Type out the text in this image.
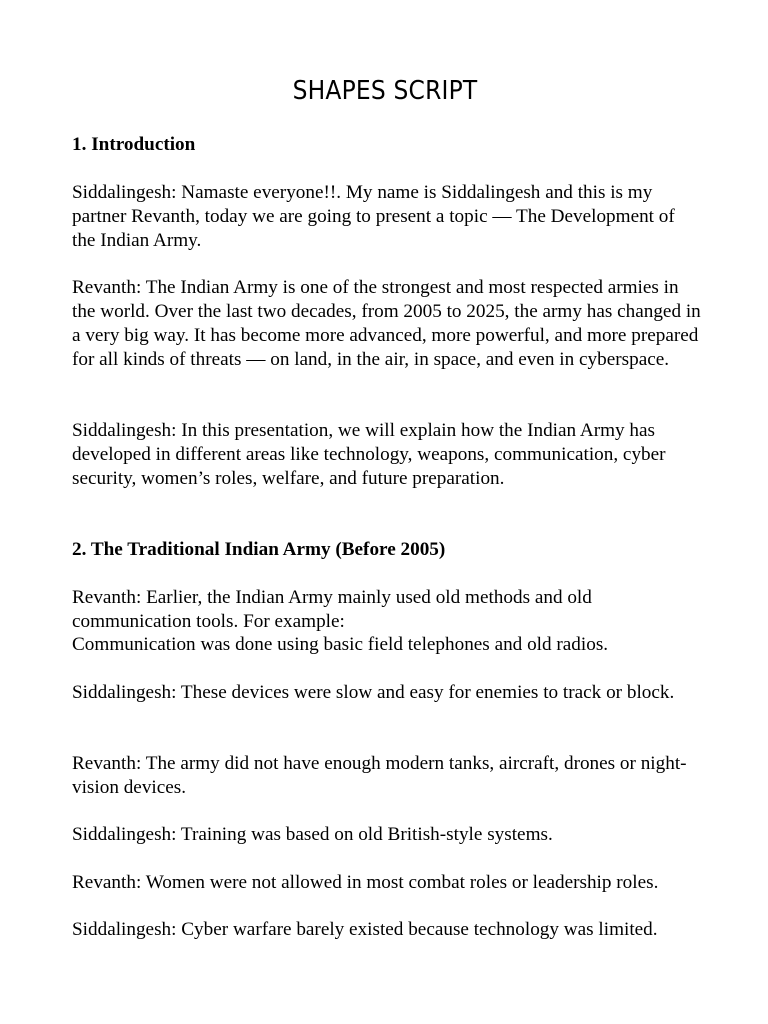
SHAPES SCRIPT

1. Introduction

Siddalingesh: Namaste everyone!!. My name is Siddalingesh and this is my partner Revanth, today we are going to present a topic — The Development of the Indian Army.

Revanth: The Indian Army is one of the strongest and most respected armies in the world. Over the last two decades, from 2005 to 2025, the army has changed in a very big way. It has become more advanced, more powerful, and more prepared for all kinds of threats — on land, in the air, in space, and even in cyberspace.

Siddalingesh: In this presentation, we will explain how the Indian Army has developed in different areas like technology, weapons, communication, cyber security, women’s roles, welfare, and future preparation.

2. The Traditional Indian Army (Before 2005)

Revanth: Earlier, the Indian Army mainly used old methods and old communication tools. For example:

Communication was done using basic field telephones and old radios.

Siddalingesh: These devices were slow and easy for enemies to track or block.

Revanth: The army did not have enough modern tanks, aircraft, drones or night-vision devices.

Siddalingesh: Training was based on old British-style systems.

Revanth: Women were not allowed in most combat roles or leadership roles.

Siddalingesh: Cyber warfare barely existed because technology was limited.
